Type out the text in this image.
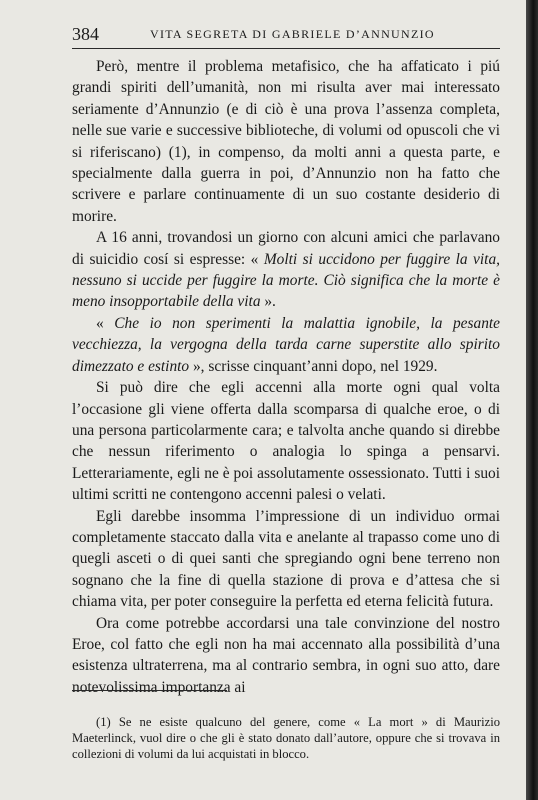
384	VITA SEGRETA DI GABRIELE D’ANNUNZIO

Però, mentre il problema metafisico, che ha affaticato i piú grandi spiriti dell’umanità, non mi risulta aver mai interessato seriamente d’Annunzio (e di ciò è una prova l’assenza completa, nelle sue varie e successive biblioteche, di volumi od opuscoli che vi si riferiscano) (1), in compenso, da molti anni a questa parte, e specialmente dalla guerra in poi, d’Annunzio non ha fatto che scrivere e parlare continuamente di un suo costante desiderio di morire.

A 16 anni, trovandosi un giorno con alcuni amici che parlavano di suicidio cosí si espresse: « Molti si uccidono per fuggire la vita, nessuno si uccide per fuggire la morte. Ciò significa che la morte è meno insopportabile della vita ».

« Che io non sperimenti la malattia ignobile, la pesante vecchiezza, la vergogna della tarda carne superstite allo spirito dimezzato e estinto », scrisse cinquant’anni dopo, nel 1929.

Si può dire che egli accenni alla morte ogni qual volta l’occasione gli viene offerta dalla scomparsa di qualche eroe, o di una persona particolarmente cara; e talvolta anche quando si direbbe che nessun riferimento o analogia lo spinga a pensarvi. Letterariamente, egli ne è poi assolutamente ossessionato. Tutti i suoi ultimi scritti ne contengono accenni palesi o velati.

Egli darebbe insomma l’impressione di un individuo ormai completamente staccato dalla vita e anelante al trapasso come uno di quegli asceti o di quei santi che spregiando ogni bene terreno non sognano che la fine di quella stazione di prova e d’attesa che si chiama vita, per poter conseguire la perfetta ed eterna felicità futura.

Ora come potrebbe accordarsi una tale convinzione del nostro Eroe, col fatto che egli non ha mai accennato alla possibilità d’una esistenza ultraterrena, ma al contrario sembra, in ogni suo atto, dare notevolissima importanza ai

(1) Se ne esiste qualcuno del genere, come « La mort » di Maurizio Maeterlinck, vuol dire o che gli è stato donato dall’autore, oppure che si trovava in collezioni di volumi da lui acquistati in blocco.
